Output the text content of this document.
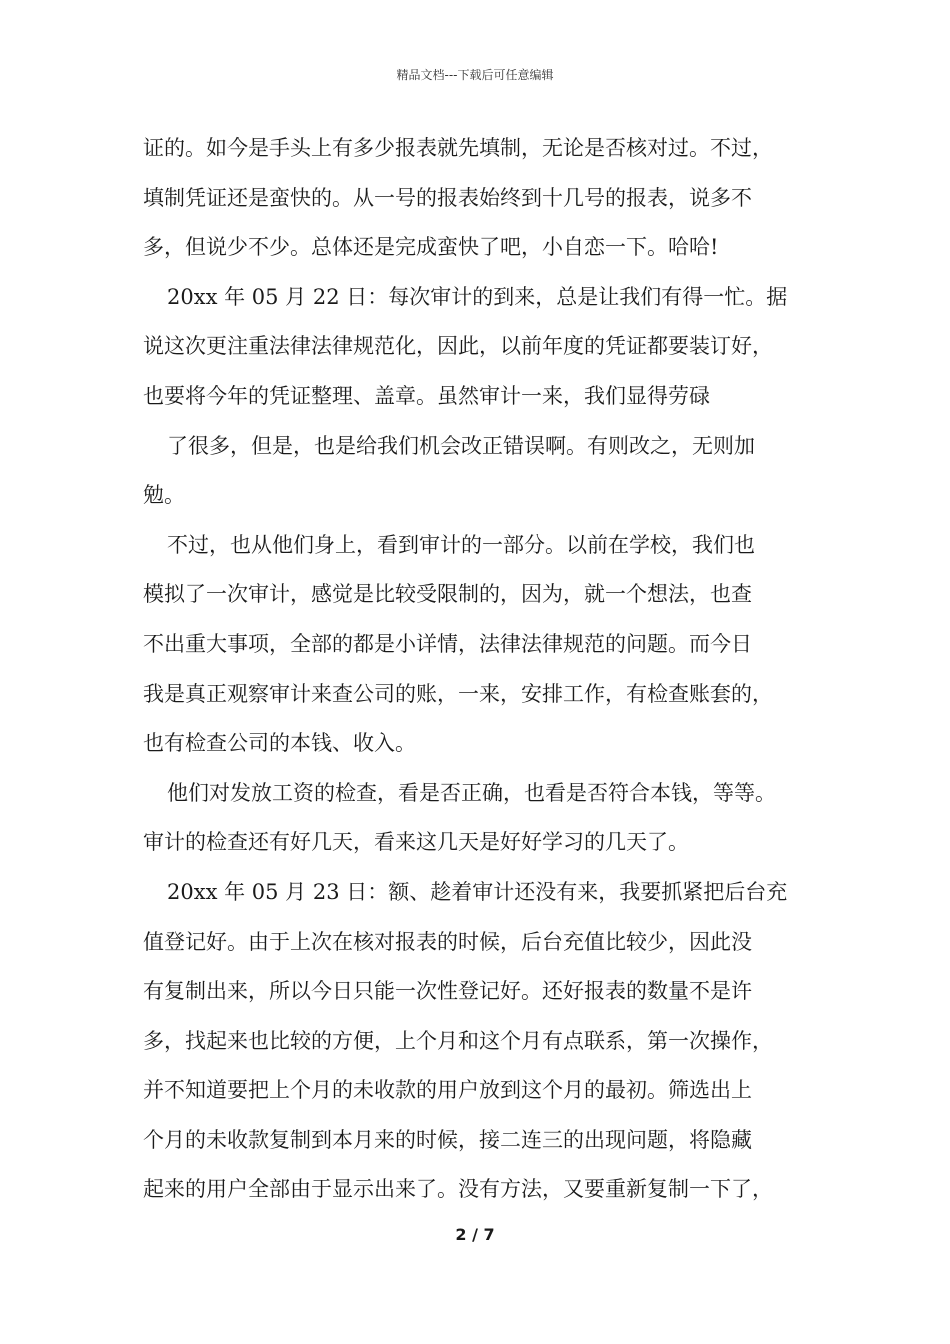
精品文档---下载后可任意编辑
证的。如今是手头上有多少报表就先填制，无论是否核对过。不过，
填制凭证还是蛮快的。从一号的报表始终到十几号的报表，说多不
多，但说少不少。总体还是完成蛮快了吧，小自恋一下。哈哈!
20xx 年 05 月 22 日：每次审计的到来，总是让我们有得一忙。据
说这次更注重法律法律规范化，因此，以前年度的凭证都要装订好，
也要将今年的凭证整理、盖章。虽然审计一来，我们显得劳碌
了很多，但是，也是给我们机会改正错误啊。有则改之，无则加
勉。
不过，也从他们身上，看到审计的一部分。以前在学校，我们也
模拟了一次审计，感觉是比较受限制的，因为，就一个想法，也查
不出重大事项，全部的都是小详情，法律法律规范的问题。而今日
我是真正观察审计来查公司的账，一来，安排工作，有检查账套的，
也有检查公司的本钱、收入。
他们对发放工资的检查，看是否正确，也看是否符合本钱，等等。
审计的检查还有好几天，看来这几天是好好学习的几天了。
20xx 年 05 月 23 日：额、趁着审计还没有来，我要抓紧把后台充
值登记好。由于上次在核对报表的时候，后台充值比较少，因此没
有复制出来，所以今日只能一次性登记好。还好报表的数量不是许
多，找起来也比较的方便，上个月和这个月有点联系，第一次操作，
并不知道要把上个月的未收款的用户放到这个月的最初。筛选出上
个月的未收款复制到本月来的时候，接二连三的出现问题，将隐藏
起来的用户全部由于显示出来了。没有方法，又要重新复制一下了，
2 / 7
